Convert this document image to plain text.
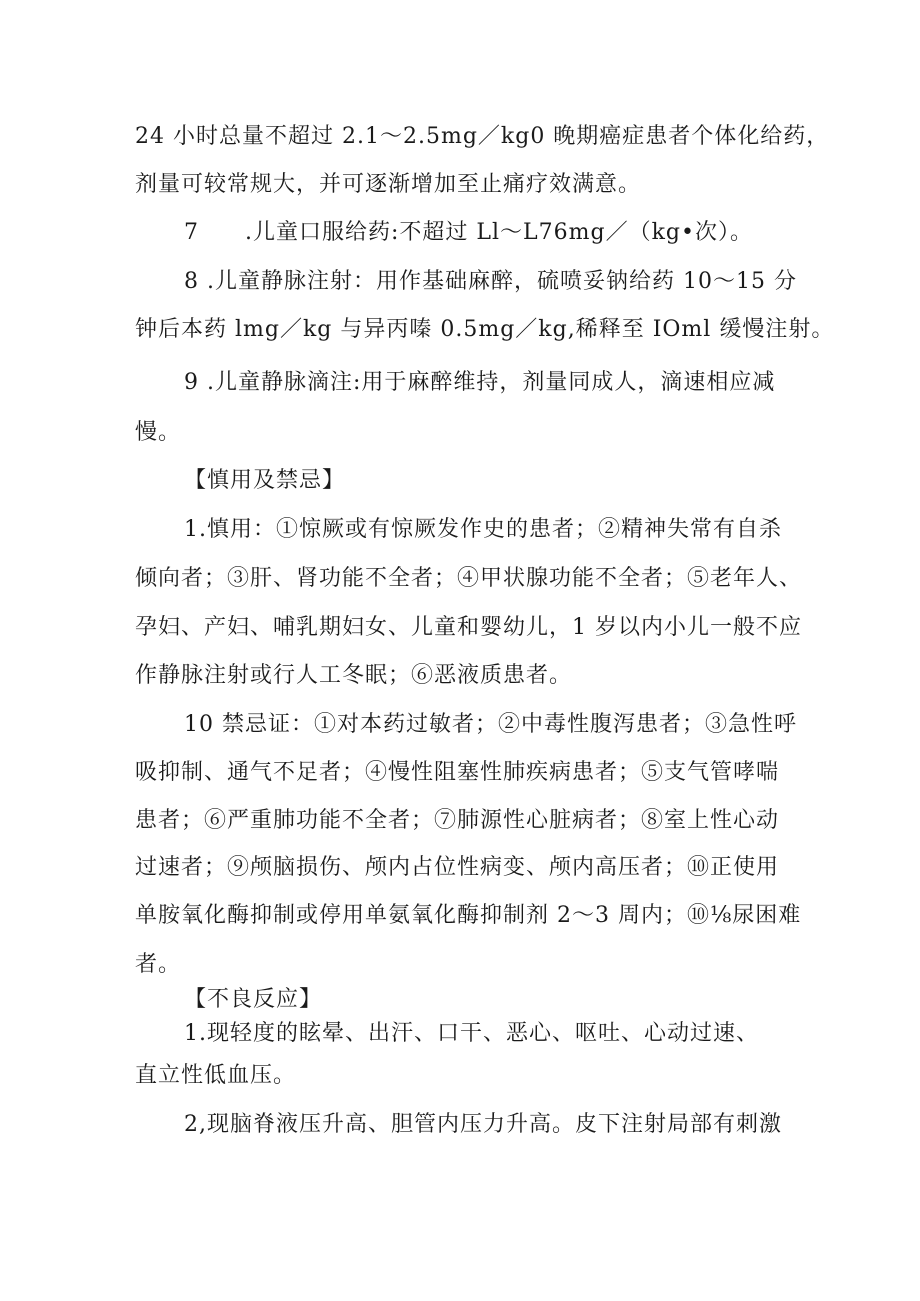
24 小时总量不超过 2.1～2.5mg／kg0 晚期癌症患者个体化给药，
剂量可较常规大，并可逐渐增加至止痛疗效满意。
7　　.儿童口服给药:不超过 Ll～L76mg／（kg•次）。
8 .儿童静脉注射：用作基础麻醉，硫喷妥钠给药 10～15 分
钟后本药 lmg／kg 与异丙嗪 0.5mg／kg,稀释至 IOml 缓慢注射。
9 .儿童静脉滴注:用于麻醉维持，剂量同成人，滴速相应减
慢。
【慎用及禁忌】
1.慎用：①惊厥或有惊厥发作史的患者；②精神失常有自杀
倾向者；③肝、肾功能不全者；④甲状腺功能不全者；⑤老年人、
孕妇、产妇、哺乳期妇女、儿童和婴幼儿，1 岁以内小儿一般不应
作静脉注射或行人工冬眠；⑥恶液质患者。
10 禁忌证：①对本药过敏者；②中毒性腹泻患者；③急性呼
吸抑制、通气不足者；④慢性阻塞性肺疾病患者；⑤支气管哮喘
患者；⑥严重肺功能不全者；⑦肺源性心脏病者；⑧室上性心动
过速者；⑨颅脑损伤、颅内占位性病变、颅内高压者；⑩正使用
单胺氧化酶抑制或停用单氨氧化酶抑制剂 2～3 周内；⑩⅛尿困难
者。
【不良反应】
1.现轻度的眩晕、出汗、口干、恶心、呕吐、心动过速、
直立性低血压。
2,现脑脊液压升高、胆管内压力升高。皮下注射局部有刺激
